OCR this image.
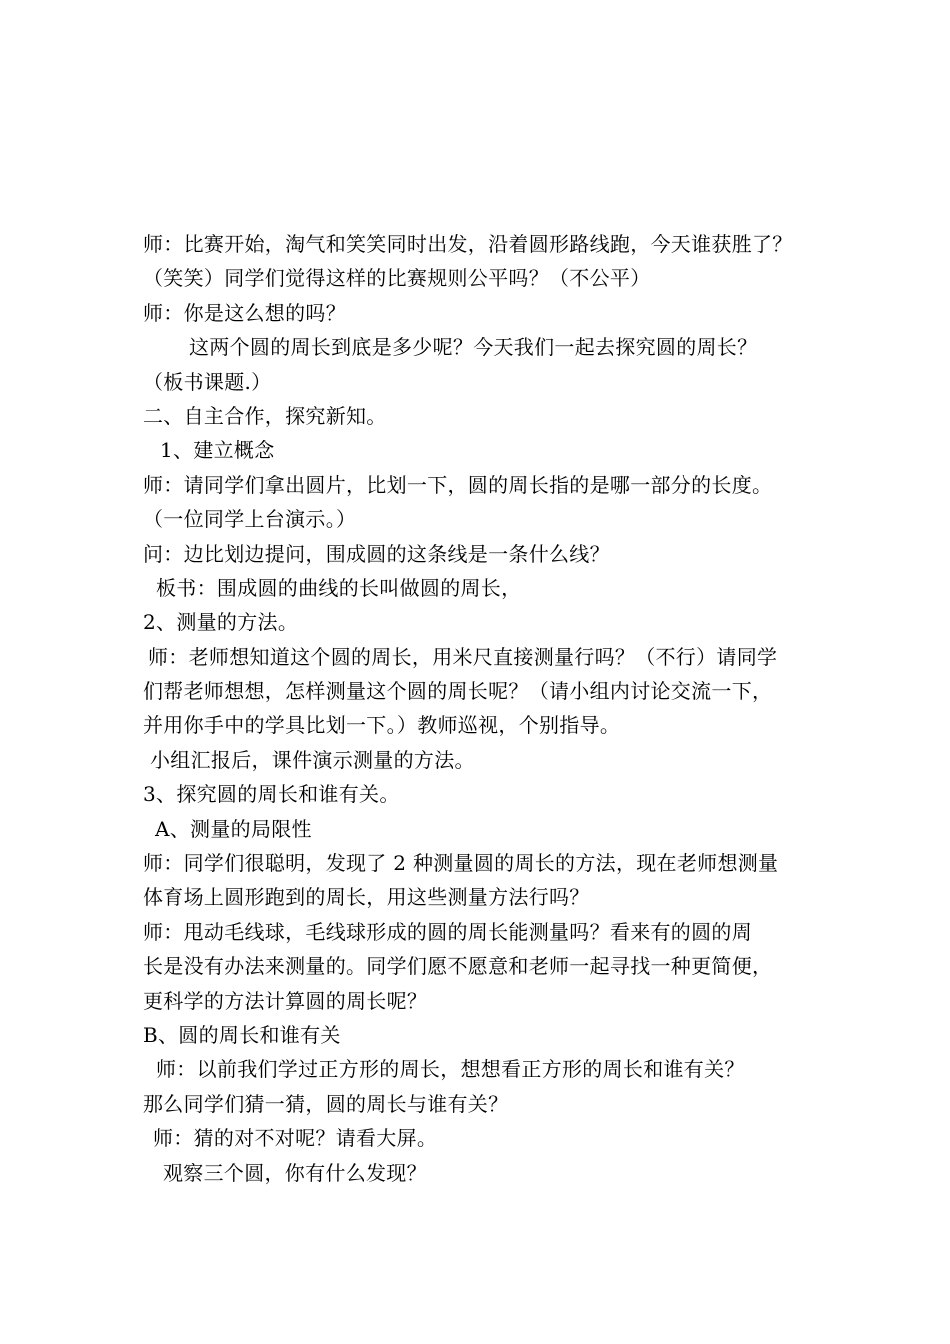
师：比赛开始，淘气和笑笑同时出发，沿着圆形路线跑，今天谁获胜了？
（笑笑）同学们觉得这样的比赛规则公平吗？（不公平）
师：你是这么想的吗？
这两个圆的周长到底是多少呢？今天我们一起去探究圆的周长？
（板书课题.）
二、自主合作，探究新知。
1、建立概念
师：请同学们拿出圆片，比划一下，圆的周长指的是哪一部分的长度。
（一位同学上台演示。）
问：边比划边提问，围成圆的这条线是一条什么线？
板书：围成圆的曲线的长叫做圆的周长，
2、测量的方法。
师：老师想知道这个圆的周长，用米尺直接测量行吗？（不行）请同学
们帮老师想想，怎样测量这个圆的周长呢？（请小组内讨论交流一下，
并用你手中的学具比划一下。）教师巡视，个别指导。
小组汇报后，课件演示测量的方法。
3、探究圆的周长和谁有关。
A、测量的局限性
师：同学们很聪明，发现了 2 种测量圆的周长的方法，现在老师想测量
体育场上圆形跑到的周长，用这些测量方法行吗？
师：甩动毛线球，毛线球形成的圆的周长能测量吗？看来有的圆的周
长是没有办法来测量的。同学们愿不愿意和老师一起寻找一种更简便，
更科学的方法计算圆的周长呢？
B、圆的周长和谁有关
师：以前我们学过正方形的周长，想想看正方形的周长和谁有关？
那么同学们猜一猜，圆的周长与谁有关？
师：猜的对不对呢？请看大屏。
观察三个圆，你有什么发现？
